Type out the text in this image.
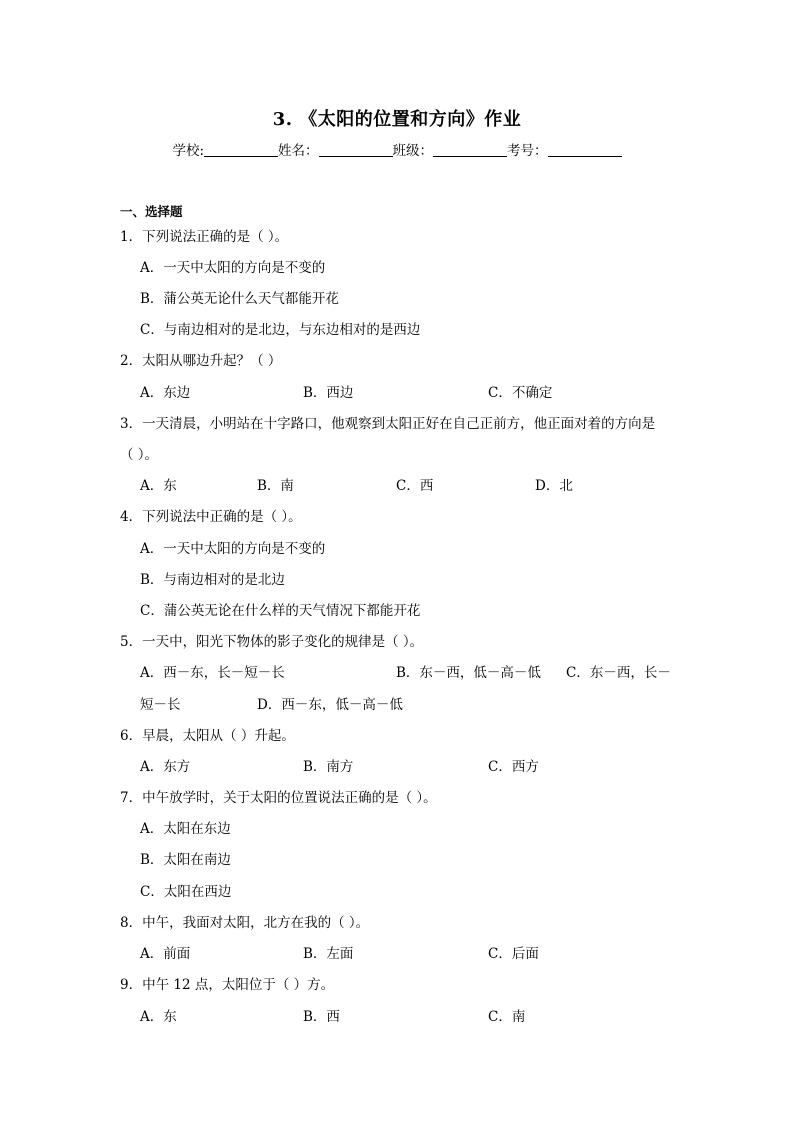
3. 《太阳的位置和方向》作业
学校:	姓名：	班级：	考号：
一、选择题
1．下列说法正确的是（ ）。
A．一天中太阳的方向是不变的
B．蒲公英无论什么天气都能开花
C．与南边相对的是北边，与东边相对的是西边
2．太阳从哪边升起？（ ）
A．东边	B．西边	C．不确定
3．一天清晨，小明站在十字路口，他观察到太阳正好在自己正前方，他正面对着的方向是
（ ）。
A．东	B．南	C．西	D．北
4．下列说法中正确的是（ ）。
A．一天中太阳的方向是不变的
B．与南边相对的是北边
C．蒲公英无论在什么样的天气情况下都能开花
5．一天中，阳光下物体的影子变化的规律是（ ）。
A．西－东，长－短－长	B．东－西，低－高－低 C．东－西，长－
短－长	D．西－东，低－高－低
6．早晨，太阳从（ ）升起。
A．东方	B．南方	C．西方
7．中午放学时，关于太阳的位置说法正确的是（ ）。
A．太阳在东边
B．太阳在南边
C．太阳在西边
8．中午，我面对太阳，北方在我的（ ）。
A．前面	B．左面	C．后面
9．中午 12 点，太阳位于（ ）方。
A．东	B．西	C．南
